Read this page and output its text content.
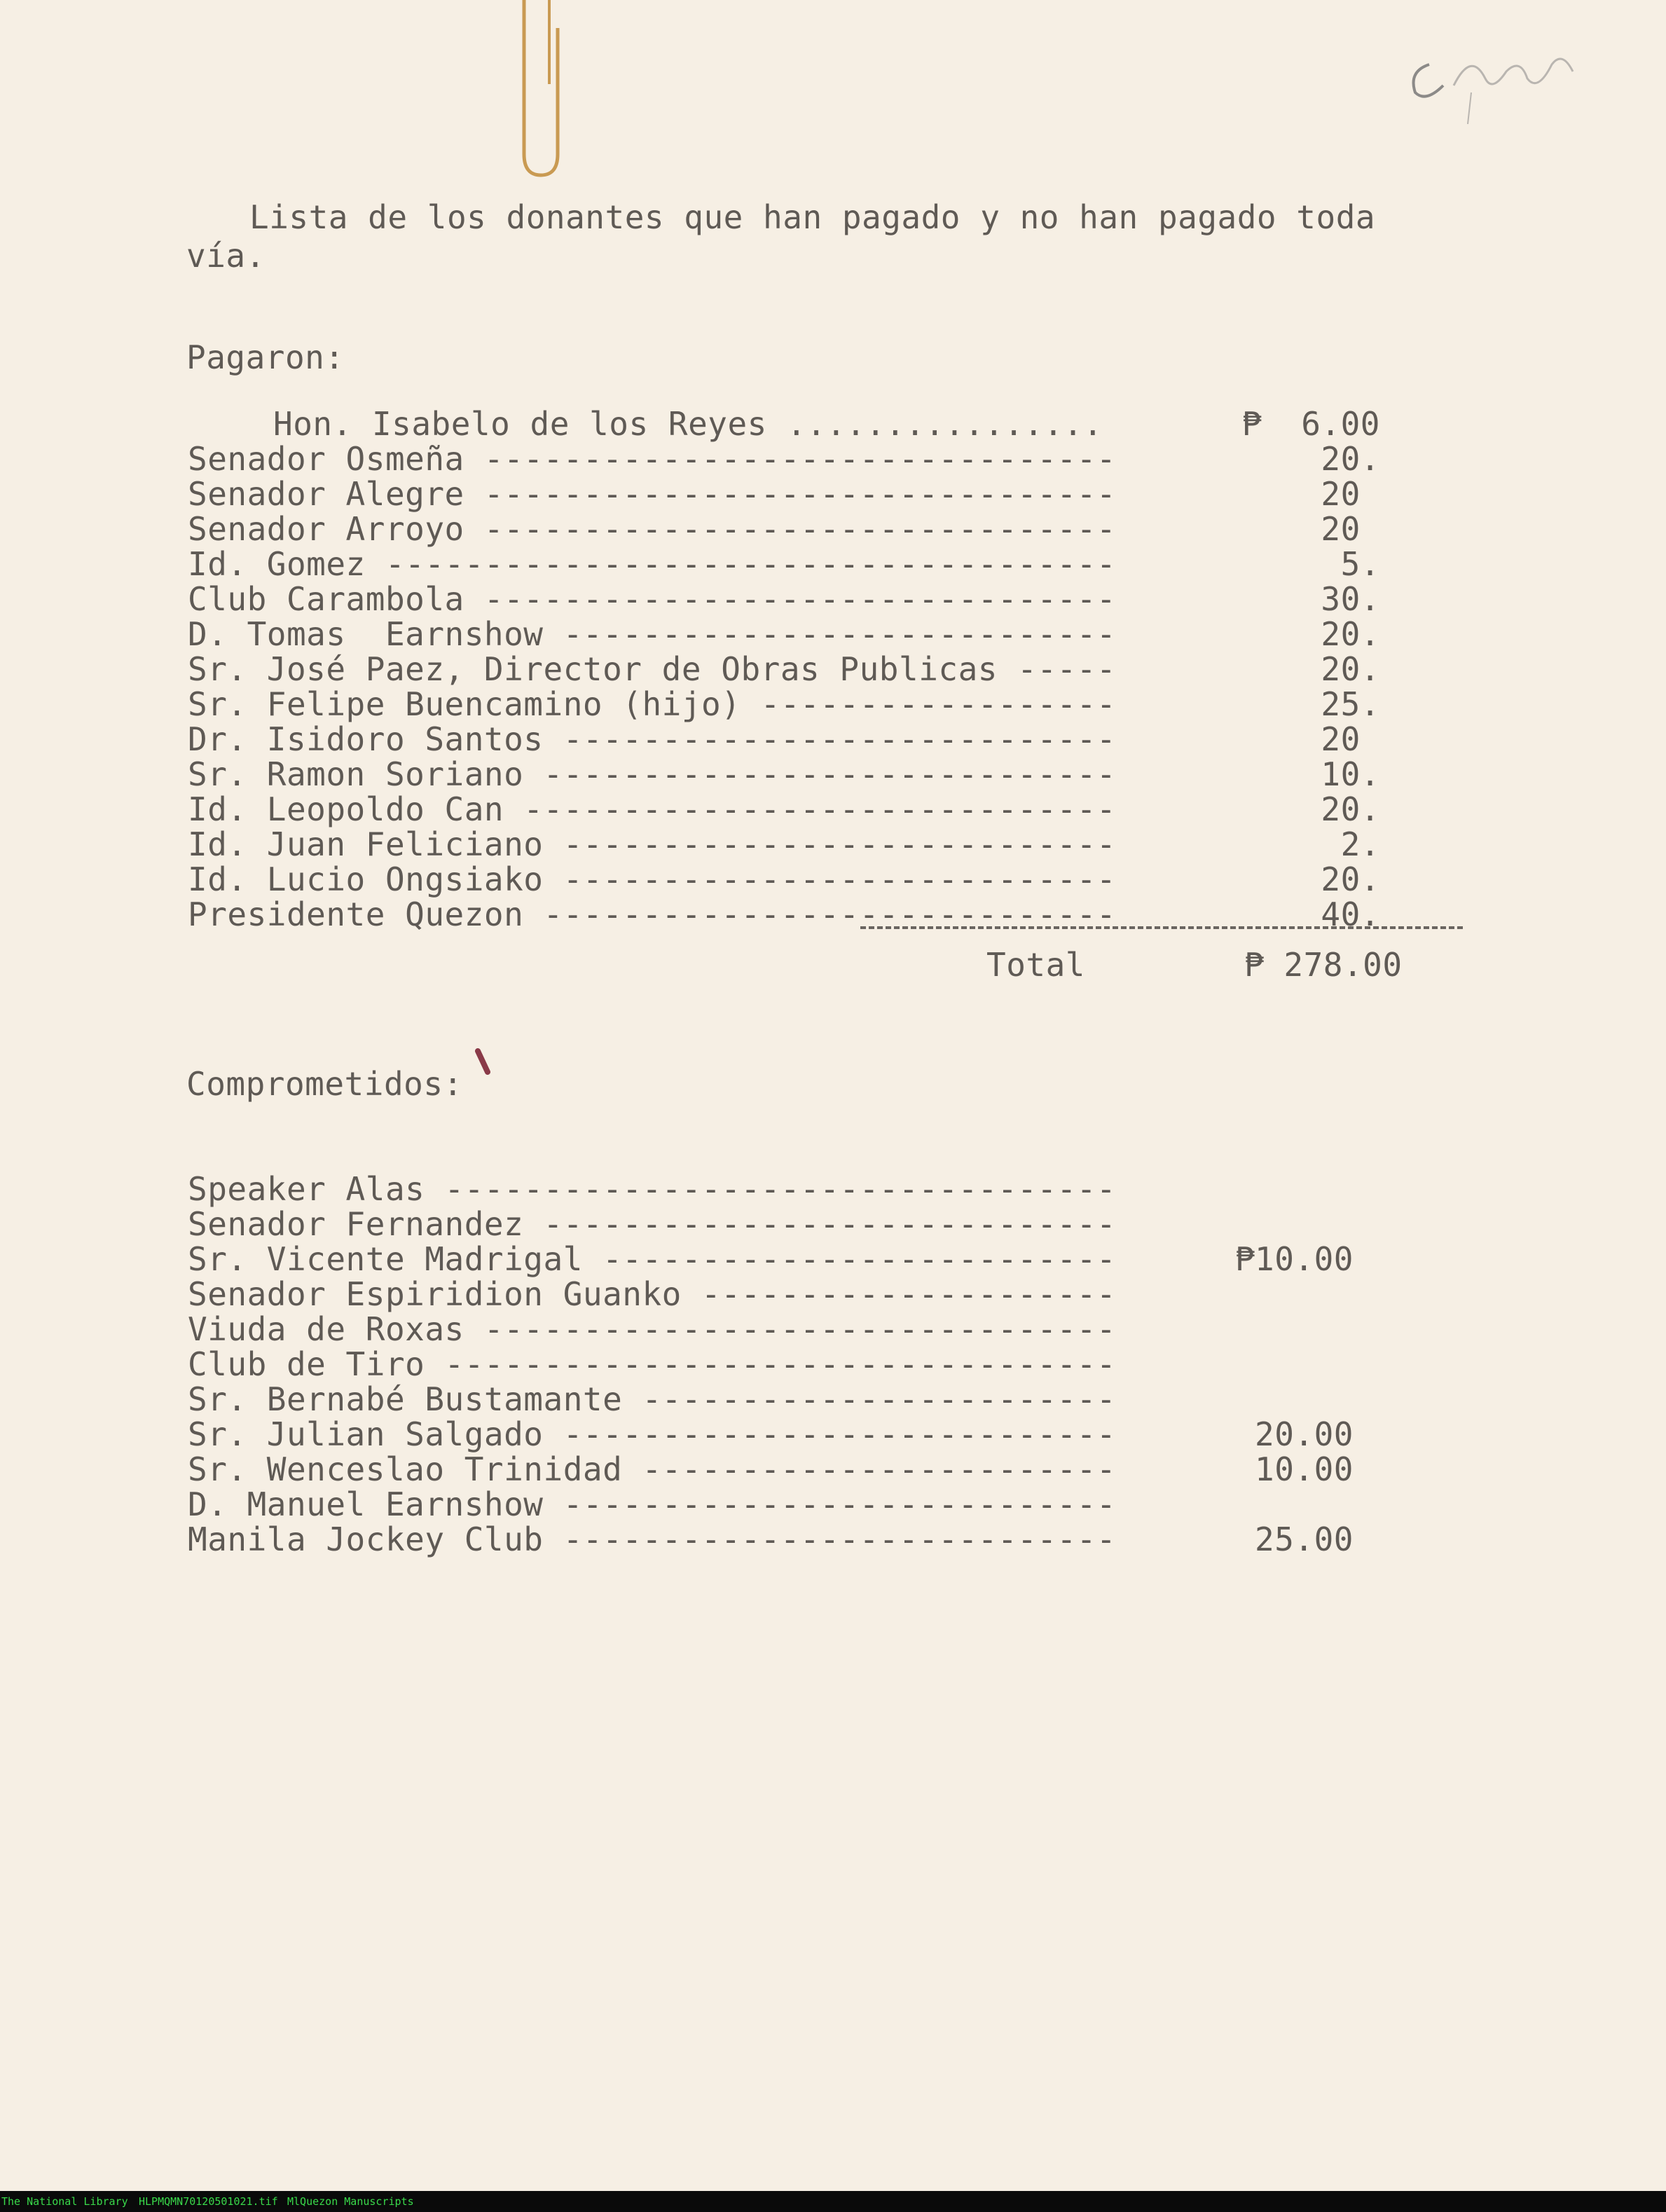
Lista de los donantes que han pagado y no han pagado toda
vía.
Pagaron:
Hon. Isabelo de los Reyes ................	₱  6.00
Senador Osmeña --------------------------------	20.
Senador Alegre --------------------------------	20
Senador Arroyo --------------------------------	20
Id. Gomez -------------------------------------	5.
Club Carambola --------------------------------	30.
D. Tomas  Earnshow ----------------------------	20.
Sr. José Paez, Director de Obras Publicas -----	20.
Sr. Felipe Buencamino (hijo) ------------------	25.
Dr. Isidoro Santos ----------------------------	20
Sr. Ramon Soriano -----------------------------	10.
Id. Leopoldo Can ------------------------------	20.
Id. Juan Feliciano ----------------------------	2.
Id. Lucio Ongsiako ----------------------------	20.
Presidente Quezon -----------------------------	40.
Total	₱ 278.00
Comprometidos:
Speaker Alas ----------------------------------
Senador Fernandez -----------------------------
Sr. Vicente Madrigal --------------------------	₱10.00
Senador Espiridion Guanko ---------------------
Viuda de Roxas --------------------------------
Club de Tiro ----------------------------------
Sr. Bernabé Bustamante ------------------------
Sr. Julian Salgado ----------------------------	20.00
Sr. Wenceslao Trinidad ------------------------	10.00
D. Manuel Earnshow ----------------------------
Manila Jockey Club ----------------------------	25.00
The National Library HLPMQMN70120501021.tif MlQuezon Manuscripts
